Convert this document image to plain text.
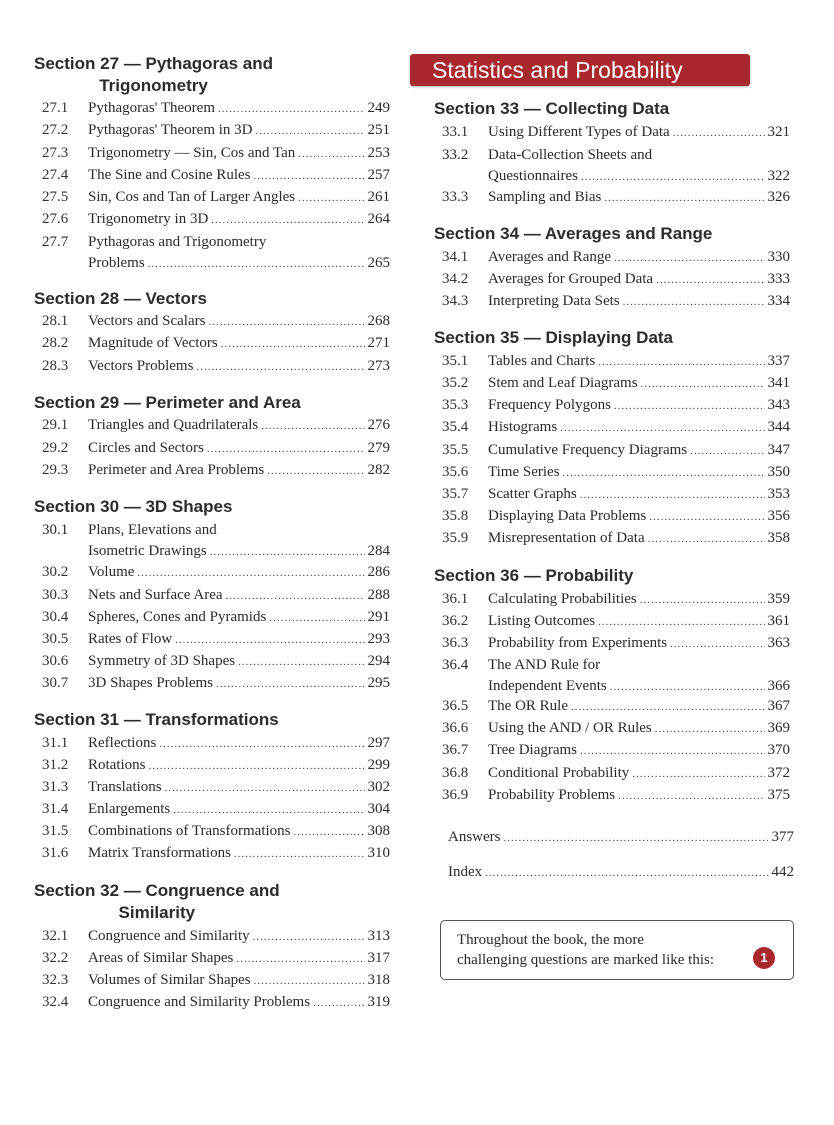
Section 27 — Pythagoras and
Trigonometry
27.1	Pythagoras' Theorem .....	249
27.2	Pythagoras' Theorem in 3D .....	251
27.3	Trigonometry — Sin, Cos and Tan .....	253
27.4	The Sine and Cosine Rules .....	257
27.5	Sin, Cos and Tan of Larger Angles .....	261
27.6	Trigonometry in 3D .....	264
27.7	Pythagoras and Trigonometry
Problems .....	265
Section 28 — Vectors
28.1	Vectors and Scalars .....	268
28.2	Magnitude of Vectors .....	271
28.3	Vectors Problems .....	273
Section 29 — Perimeter and Area
29.1	Triangles and Quadrilaterals .....	276
29.2	Circles and Sectors .....	279
29.3	Perimeter and Area Problems .....	282
Section 30 — 3D Shapes
30.1	Plans, Elevations and
Isometric Drawings .....	284
30.2	Volume .....	286
30.3	Nets and Surface Area .....	288
30.4	Spheres, Cones and Pyramids .....	291
30.5	Rates of Flow .....	293
30.6	Symmetry of 3D Shapes .....	294
30.7	3D Shapes Problems .....	295
Section 31 — Transformations
31.1	Reflections .....	297
31.2	Rotations .....	299
31.3	Translations .....	302
31.4	Enlargements .....	304
31.5	Combinations of Transformations .....	308
31.6	Matrix Transformations .....	310
Section 32 — Congruence and
Similarity
32.1	Congruence and Similarity .....	313
32.2	Areas of Similar Shapes .....	317
32.3	Volumes of Similar Shapes .....	318
32.4	Congruence and Similarity Problems .....	319
Statistics and Probability
Section 33 — Collecting Data
33.1	Using Different Types of Data .....	321
33.2	Data-Collection Sheets and
Questionnaires .....	322
33.3	Sampling and Bias .....	326
Section 34 — Averages and Range
34.1	Averages and Range .....	330
34.2	Averages for Grouped Data .....	333
34.3	Interpreting Data Sets .....	334
Section 35 — Displaying Data
35.1	Tables and Charts .....	337
35.2	Stem and Leaf Diagrams .....	341
35.3	Frequency Polygons .....	343
35.4	Histograms .....	344
35.5	Cumulative Frequency Diagrams .....	347
35.6	Time Series .....	350
35.7	Scatter Graphs .....	353
35.8	Displaying Data Problems .....	356
35.9	Misrepresentation of Data .....	358
Section 36 — Probability
36.1	Calculating Probabilities .....	359
36.2	Listing Outcomes .....	361
36.3	Probability from Experiments .....	363
36.4	The AND Rule for
Independent Events .....	366
36.5	The OR Rule .....	367
36.6	Using the AND / OR Rules .....	369
36.7	Tree Diagrams .....	370
36.8	Conditional Probability .....	372
36.9	Probability Problems .....	375
Answers .....	377
Index .....	442
Throughout the book, the more
challenging questions are marked like this:	1
